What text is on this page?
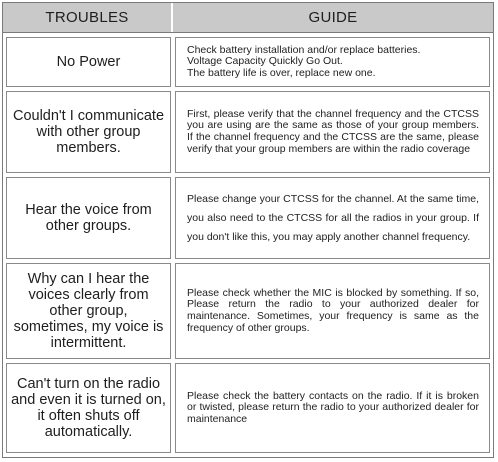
TROUBLES	GUIDE
No Power
Check battery installation and/or replace batteries.
Voltage Capacity Quickly Go Out.
The battery life is over, replace new one.
Couldn't I communicate with other group members.
First, please verify that the channel frequency and the CTCSS you are using are the same as those of your group members. If the channel frequency and the CTCSS are the same, please verify that your group members are within the radio coverage
Hear the voice from other groups.
Please change your CTCSS for the channel. At the same time, you also need to the CTCSS for all the radios in your group. If you don't like this, you may apply another channel frequency.
Why can I hear the voices clearly from other group, sometimes, my voice is intermittent.
Please check whether the MIC is blocked by something. If so, Please return the radio to your authorized dealer for maintenance. Sometimes, your frequency is same as the frequency of other groups.
Can't turn on the radio and even it is turned on, it often shuts off automatically.
Please check the battery contacts on the radio. If it is broken or twisted, please return the radio to your authorized dealer for maintenance
